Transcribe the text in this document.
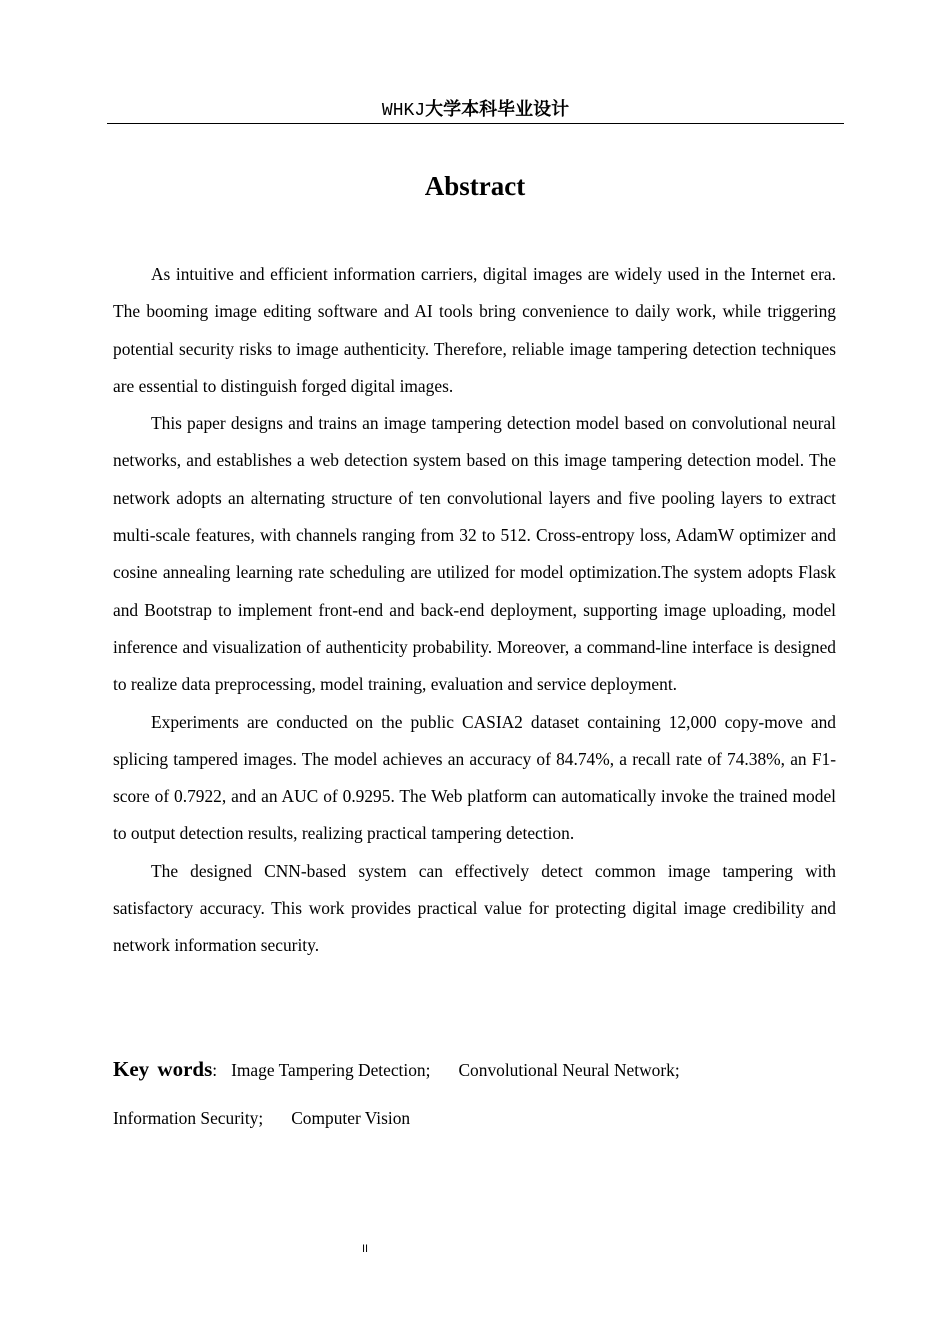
WHKJ大学本科毕业设计
Abstract

As intuitive and efficient information carriers, digital images are widely used in the Internet era. The booming image editing software and AI tools bring convenience to daily work, while triggering potential security risks to image authenticity. Therefore, reliable image tampering detection techniques are essential to distinguish forged digital images.

This paper designs and trains an image tampering detection model based on convolutional neural networks, and establishes a web detection system based on this image tampering detection model. The network adopts an alternating structure of ten convolutional layers and five pooling layers to extract multi-scale features, with channels ranging from 32 to 512. Cross-entropy loss, AdamW optimizer and cosine annealing learning rate scheduling are utilized for model optimization.The system adopts Flask and Bootstrap to implement front-end and back-end deployment, supporting image uploading, model inference and visualization of authenticity probability. Moreover, a command-line interface is designed to realize data preprocessing, model training, evaluation and service deployment.

Experiments are conducted on the public CASIA2 dataset containing 12,000 copy-move and splicing tampered images. The model achieves an accuracy of 84.74%, a recall rate of 74.38%, an F1-score of 0.7922, and an AUC of 0.9295. The Web platform can automatically invoke the trained model to output detection results, realizing practical tampering detection.

The designed CNN-based system can effectively detect common image tampering with satisfactory accuracy. This work provides practical value for protecting digital image credibility and network information security.

Key words: Image Tampering Detection; Convolutional Neural Network;
Information Security; Computer Vision
II
